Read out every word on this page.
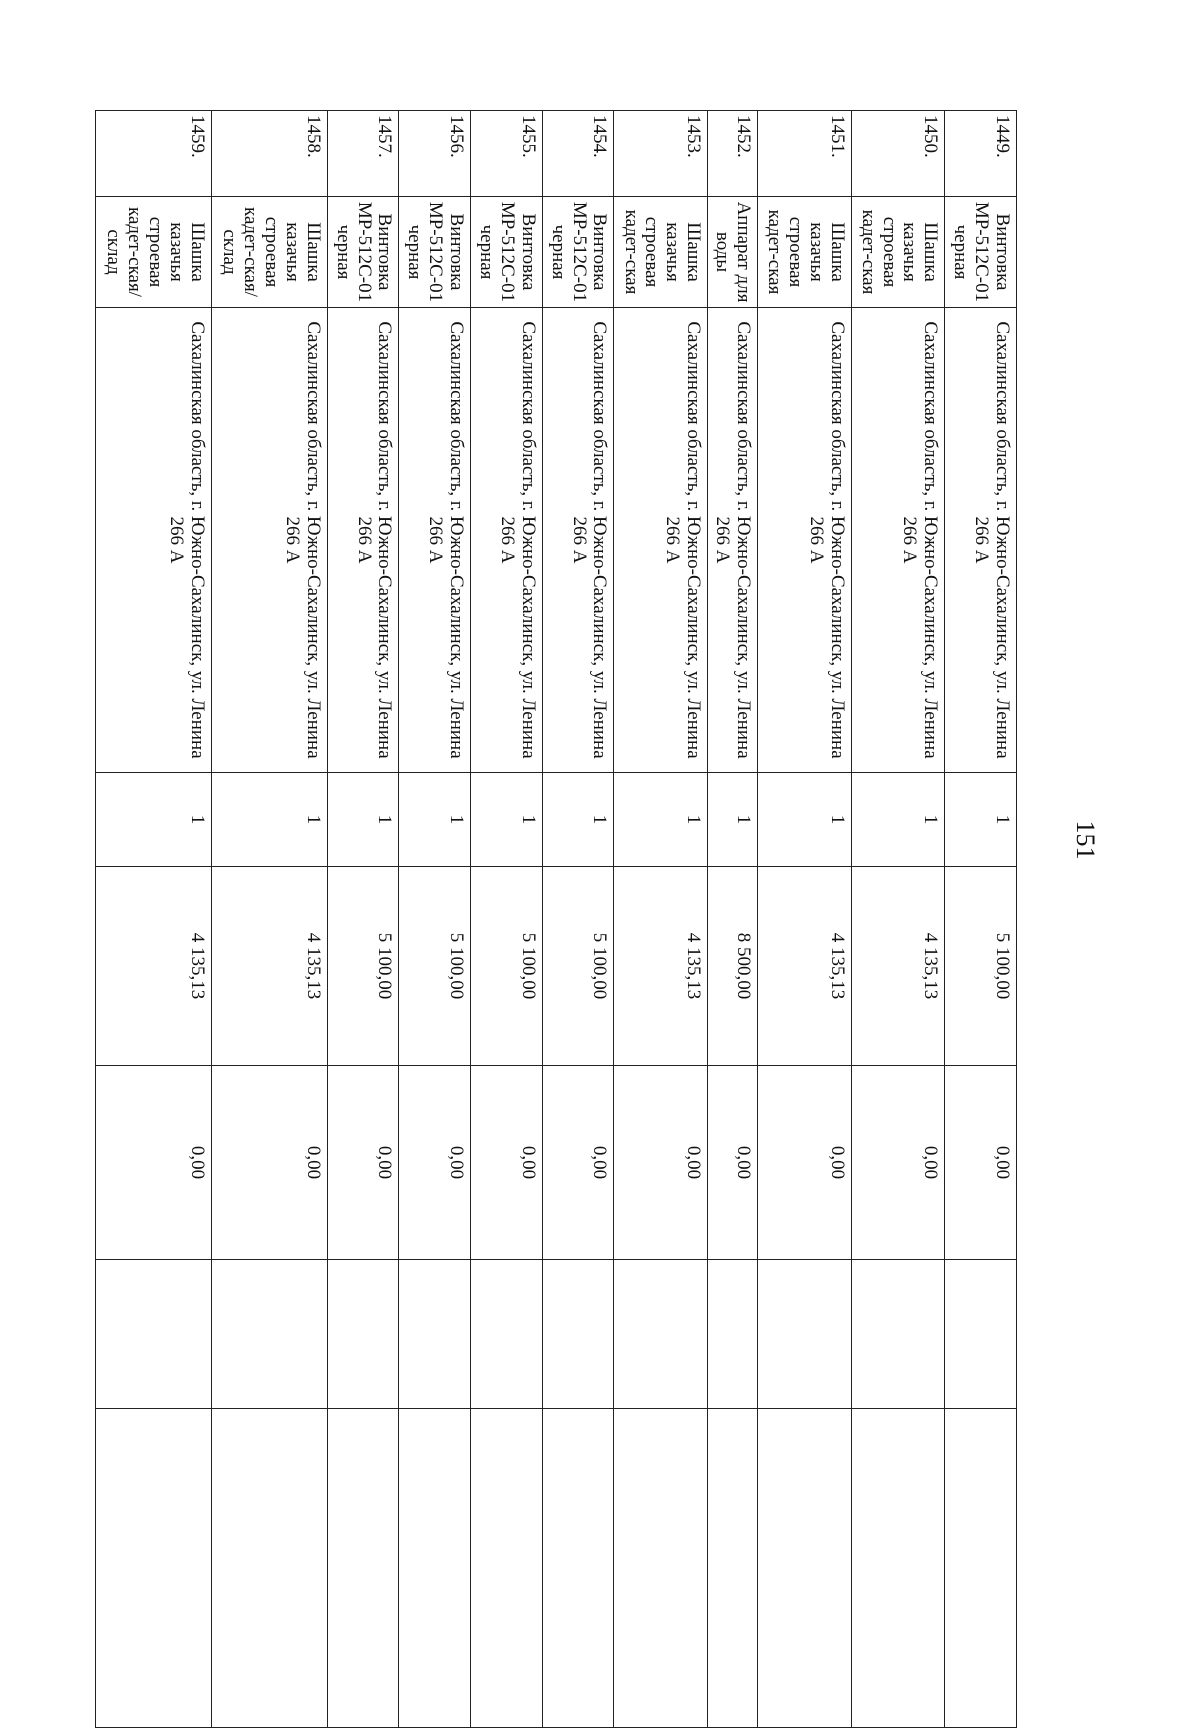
151
1449.	Винтовка МР-512С-01 черная	Сахалинская область, г. Южно-Сахалинск, ул. Ленина 266 А	1	5 100,00	0,00		

1450.	Шашка казачья строевая кадет-ская	Сахалинская область, г. Южно-Сахалинск, ул. Ленина 266 А	1	4 135,13	0,00		

1451.	Шашка казачья строевая кадет-ская	Сахалинская область, г. Южно-Сахалинск, ул. Ленина 266 А	1	4 135,13	0,00		

1452.	Аппарат для воды	Сахалинская область, г. Южно-Сахалинск, ул. Ленина 266 А	1	8 500,00	0,00		

1453.	Шашка казачья строевая кадет-ская	Сахалинская область, г. Южно-Сахалинск, ул. Ленина 266 А	1	4 135,13	0,00		

1454.	Винтовка МР-512С-01 черная	Сахалинская область, г. Южно-Сахалинск, ул. Ленина 266 А	1	5 100,00	0,00		

1455.	Винтовка МР-512С-01 черная	Сахалинская область, г. Южно-Сахалинск, ул. Ленина 266 А	1	5 100,00	0,00		

1456.	Винтовка МР-512С-01 черная	Сахалинская область, г. Южно-Сахалинск, ул. Ленина 266 А	1	5 100,00	0,00		

1457.	Винтовка МР-512С-01 черная	Сахалинская область, г. Южно-Сахалинск, ул. Ленина 266 А	1	5 100,00	0,00		

1458.	Шашка казачья строевая кадет-ская/склад	Сахалинская область, г. Южно-Сахалинск, ул. Ленина 266 А	1	4 135,13	0,00		

1459.	Шашка казачья строевая кадет-ская/склад	Сахалинская область, г. Южно-Сахалинск, ул. Ленина 266 А	1	4 135,13	0,00		
